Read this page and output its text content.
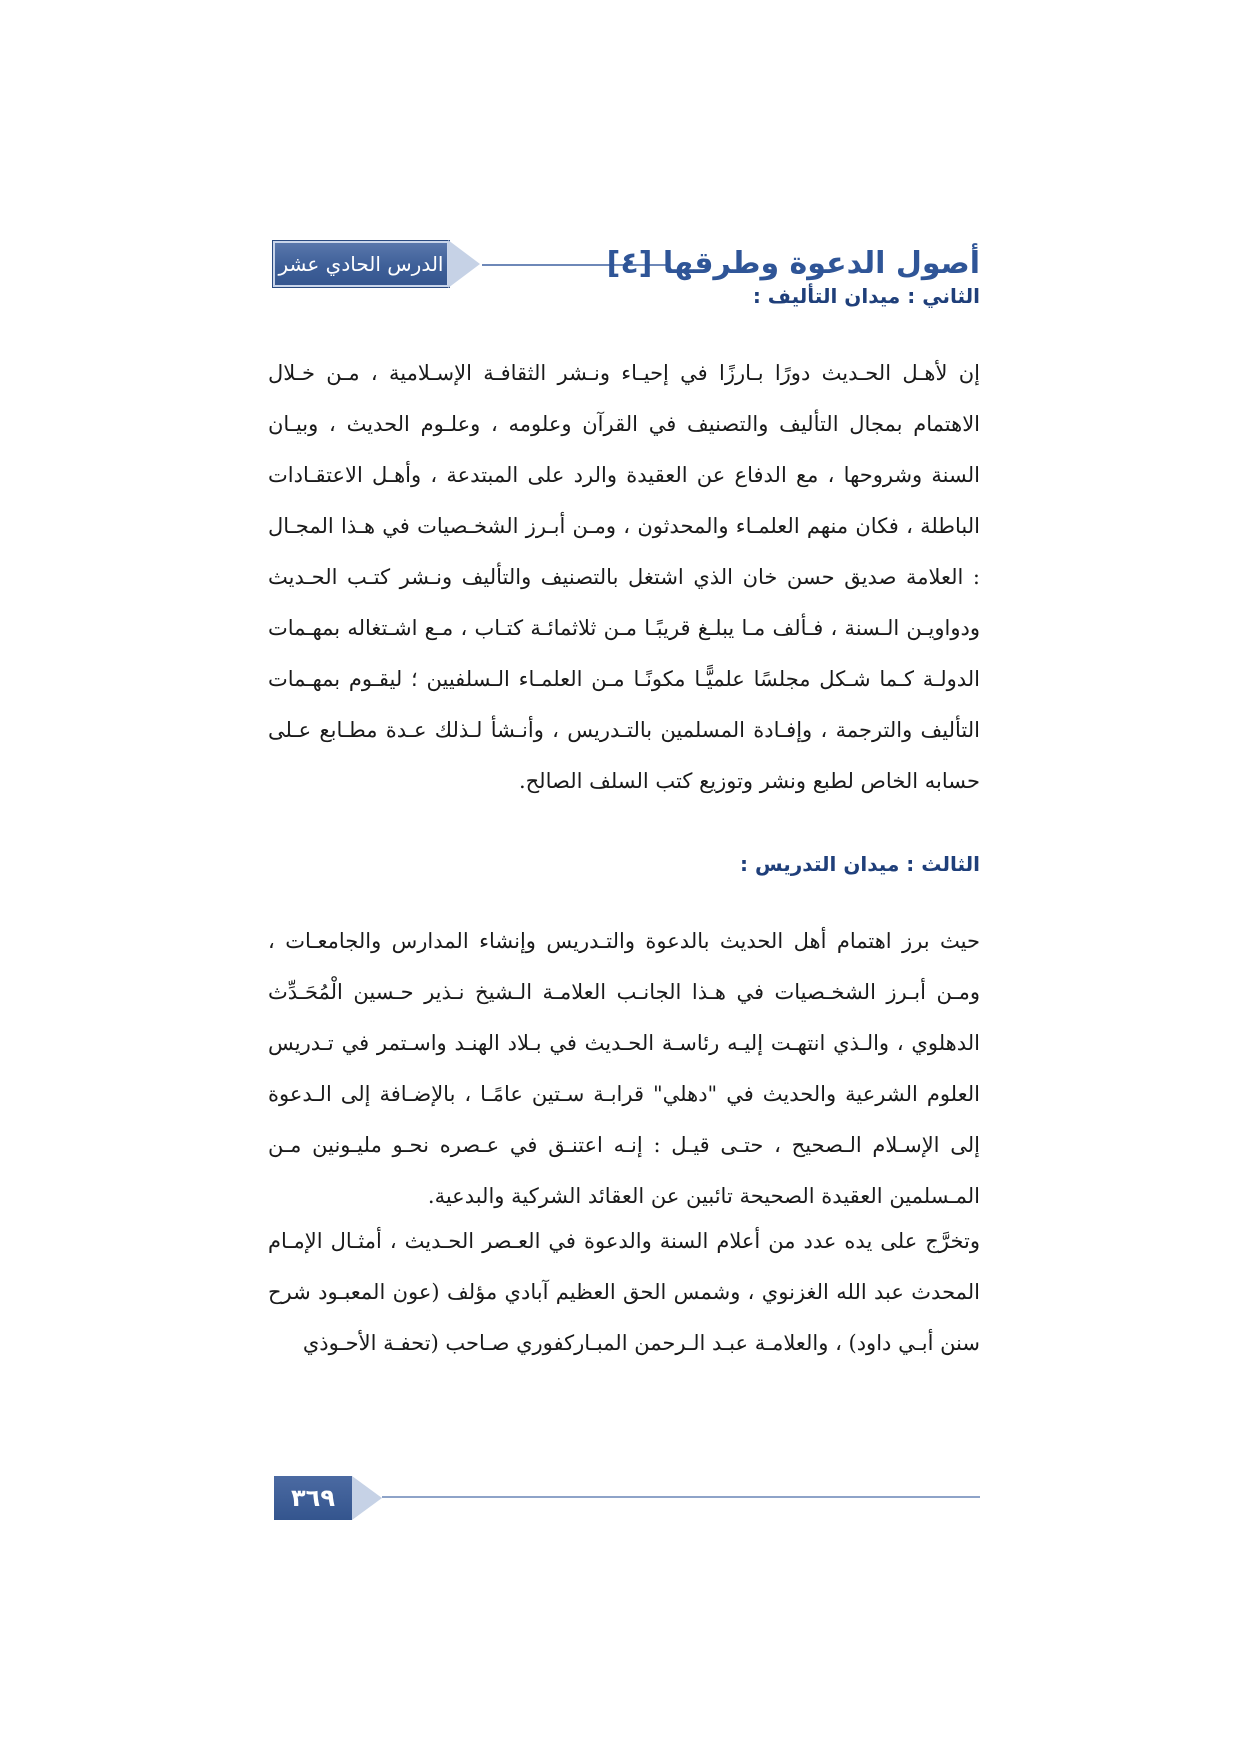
الدرس الحادي عشر	أصول الدعوة وطرقها [٤]
الثاني : ميدان التأليف :

إن لأهـل الحـديث دورًا بـارزًا في إحيـاء ونـشر الثقافـة الإسـلامية ، مـن خـلال الاهتمام بمجال التأليف والتصنيف في القرآن وعلومه ، وعلـوم الحديث ، وبيـان السنة وشروحها ، مع الدفاع عن العقيدة والرد على المبتدعة ، وأهـل الاعتقـادات الباطلة ، فكان منهم العلمـاء والمحدثون ، ومـن أبـرز الشخـصيات في هـذا المجـال : العلامة صديق حسن خان الذي اشتغل بالتصنيف والتأليف ونـشر كتـب الحـديث ودواويـن الـسنة ، فـألف مـا يبلـغ قريبًـا مـن ثلاثمائـة كتـاب ، مـع اشـتغاله بمهـمات الدولـة كـما شـكل مجلسًا علميًّـا مكونًـا مـن العلمـاء الـسلفيين ؛ ليقـوم بمهـمات التأليف والترجمة ، وإفـادة المسلمين بالتـدريس ، وأنـشأ لـذلك عـدة مطـابع عـلى حسابه الخاص لطبع ونشر وتوزيع كتب السلف الصالح.

الثالث : ميدان التدريس :

حيث برز اهتمام أهل الحديث بالدعوة والتـدريس وإنشاء المدارس والجامعـات ، ومـن أبـرز الشخـصيات في هـذا الجانـب العلامـة الـشيخ نـذير حـسين الْمُحَـدِّث الدهلوي ، والـذي انتهـت إليـه رئاسـة الحـديث في بـلاد الهنـد واسـتمر في تـدريس العلوم الشرعية والحديث في "دهلي" قرابـة سـتين عامًـا ، بالإضـافة إلى الـدعوة إلى الإسـلام الـصحيح ، حتـى قيـل : إنـه اعتنـق في عـصره نحـو مليـونين مـن المـسلمين العقيدة الصحيحة تائبين عن العقائد الشركية والبدعية.

وتخرَّج على يده عدد من أعلام السنة والدعوة في العـصر الحـديث ، أمثـال الإمـام المحدث عبد الله الغزنوي ، وشمس الحق العظيم آبادي مؤلف (عون المعبـود شرح سنن أبـي داود) ، والعلامـة عبـد الـرحمن المبـاركفوري صـاحب (تحفـة الأحـوذي

٣٦٩
